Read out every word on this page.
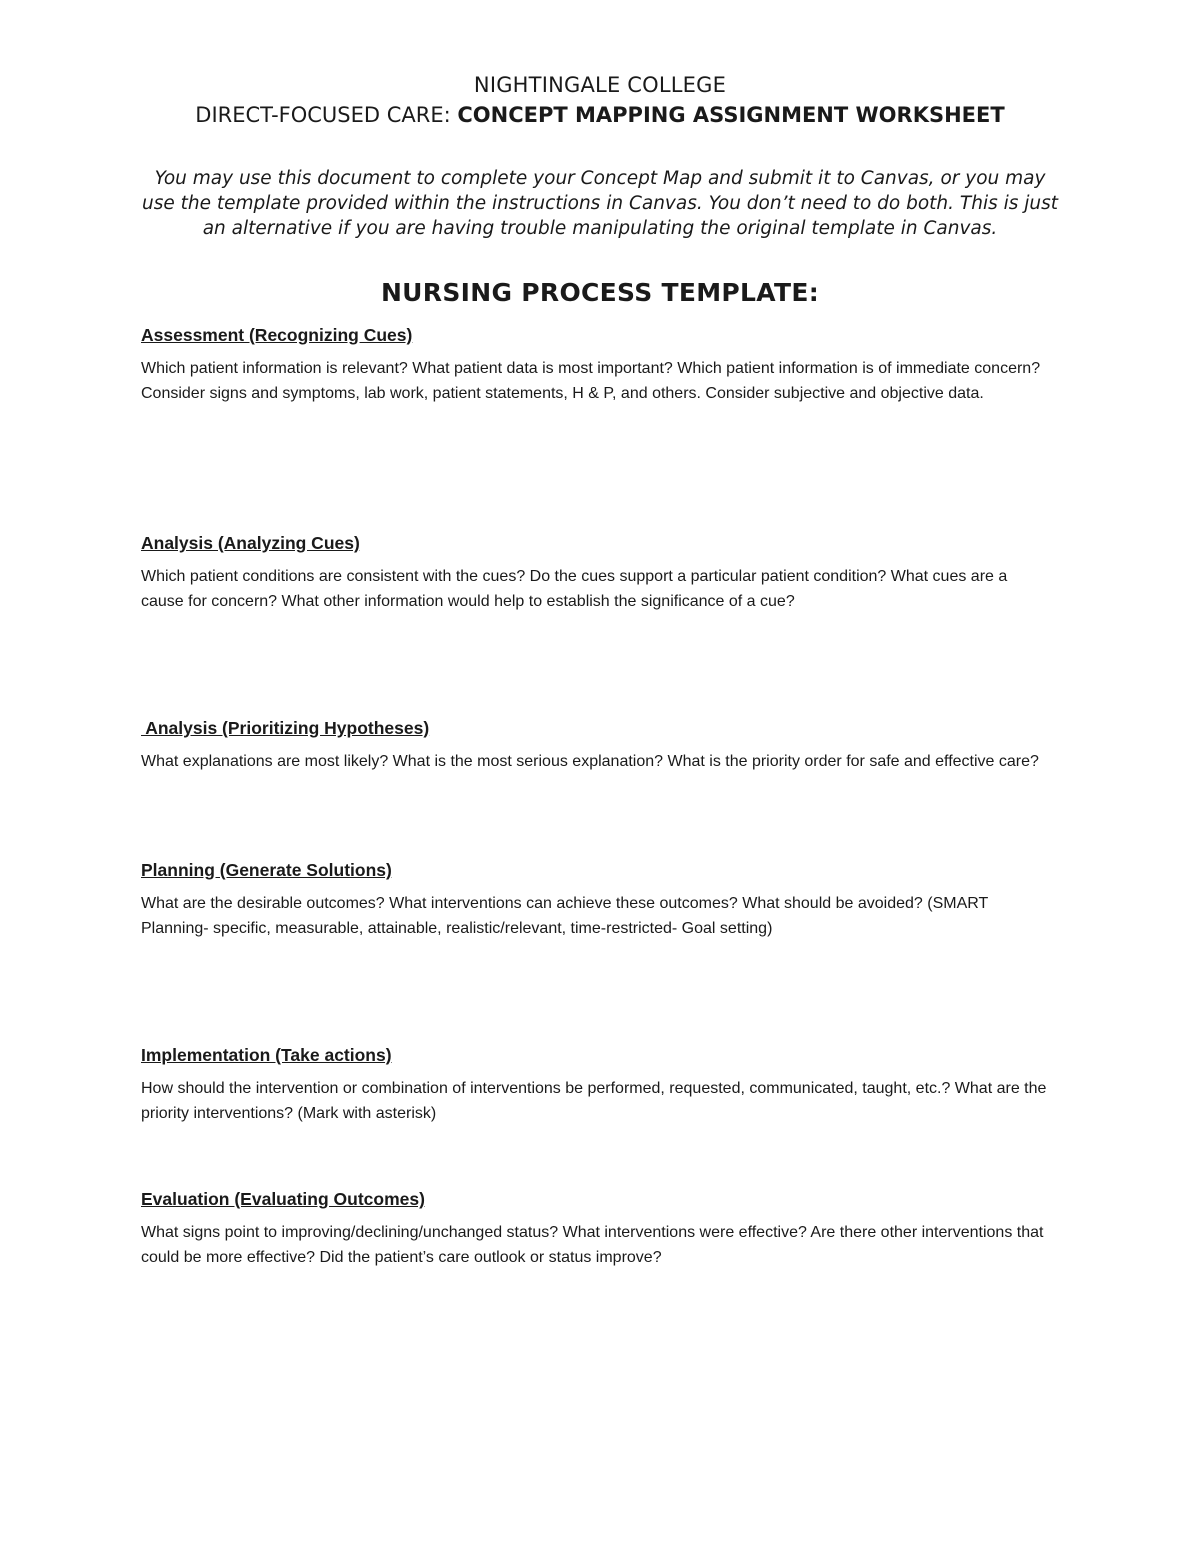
NIGHTINGALE COLLEGE
DIRECT-FOCUSED CARE: CONCEPT MAPPING ASSIGNMENT WORKSHEET
You may use this document to complete your Concept Map and submit it to Canvas, or you may use the template provided within the instructions in Canvas. You don’t need to do both. This is just an alternative if you are having trouble manipulating the original template in Canvas.
NURSING PROCESS TEMPLATE:

Assessment (Recognizing Cues)

Which patient information is relevant? What patient data is most important? Which patient information is of immediate concern? Consider signs and symptoms, lab work, patient statements, H & P, and others. Consider subjective and objective data.

Analysis (Analyzing Cues)

Which patient conditions are consistent with the cues? Do the cues support a particular patient condition? What cues are a cause for concern? What other information would help to establish the significance of a cue?

Analysis (Prioritizing Hypotheses)

What explanations are most likely? What is the most serious explanation? What is the priority order for safe and effective care?

Planning (Generate Solutions)

What are the desirable outcomes? What interventions can achieve these outcomes? What should be avoided? (SMART Planning- specific, measurable, attainable, realistic/relevant, time-restricted- Goal setting)

Implementation (Take actions)

How should the intervention or combination of interventions be performed, requested, communicated, taught, etc.? What are the priority interventions? (Mark with asterisk)

Evaluation (Evaluating Outcomes)

What signs point to improving/declining/unchanged status? What interventions were effective? Are there other interventions that could be more effective? Did the patient’s care outlook or status improve?
